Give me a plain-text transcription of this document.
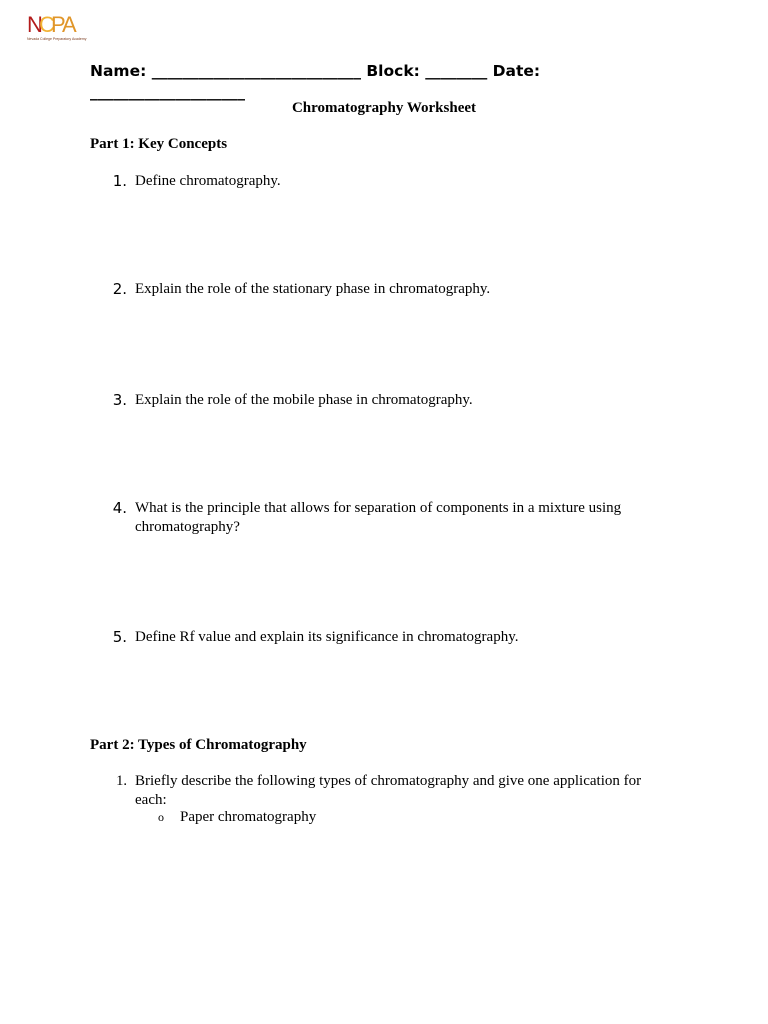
N
C
PA
Nevada College Preparatory Academy
Name: ___________________________ Block: ________ Date: ____________________
Chromatography Worksheet
Part 1: Key Concepts
1. Define chromatography.
2. Explain the role of the stationary phase in chromatography.
3. Explain the role of the mobile phase in chromatography.
4. What is the principle that allows for separation of components in a mixture using chromatography?
5. Define Rf value and explain its significance in chromatography.
Part 2: Types of Chromatography
1. Briefly describe the following types of chromatography and give one application for each:
o Paper chromatography
